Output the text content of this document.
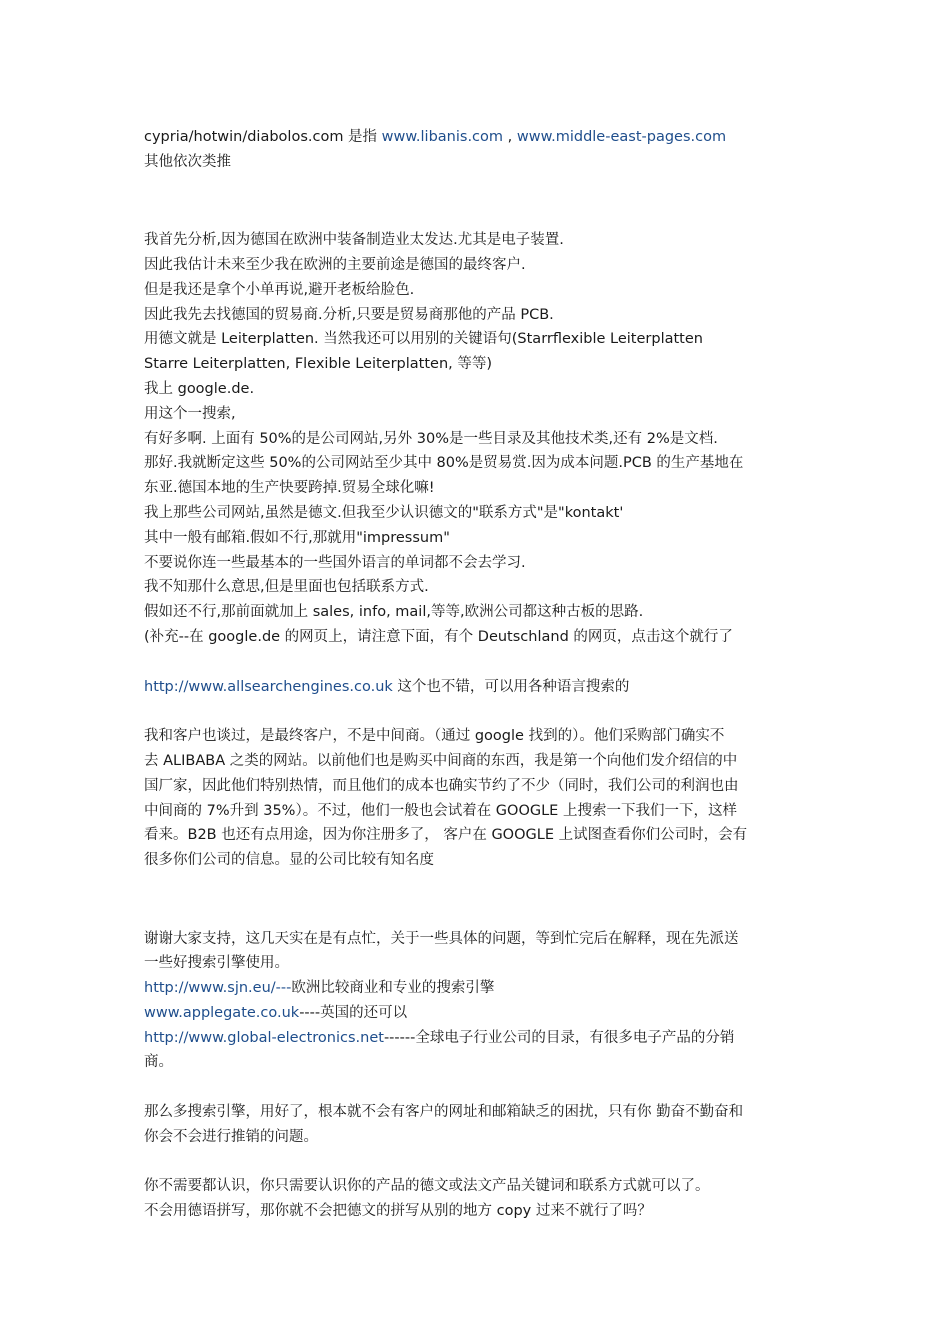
cypria/hotwin/diabolos.com 是指 www.libanis.com , www.middle-east-pages.com
其他依次类推
我首先分析,因为德国在欧洲中装备制造业太发达.尤其是电子装置.
因此我估计未来至少我在欧洲的主要前途是德国的最终客户.
但是我还是拿个小单再说,避开老板给脸色.
因此我先去找德国的贸易商.分析,只要是贸易商那他的产品 PCB.
用德文就是 Leiterplatten. 当然我还可以用别的关键语句(Starrflexible Leiterplatten
Starre Leiterplatten, Flexible Leiterplatten, 等等)
我上 google.de.
用这个一搜索,
有好多啊. 上面有 50%的是公司网站,另外 30%是一些目录及其他技术类,还有 2%是文档.
那好.我就断定这些 50%的公司网站至少其中 80%是贸易赏.因为成本问题.PCB 的生产基地在
东亚.德国本地的生产快要跨掉.贸易全球化嘛!
我上那些公司网站,虽然是德文.但我至少认识德文的"联系方式"是"kontakt'
其中一般有邮箱.假如不行,那就用"impressum"
不要说你连一些最基本的一些国外语言的单词都不会去学习.
我不知那什么意思,但是里面也包括联系方式.
假如还不行,那前面就加上 sales, info, mail,等等,欧洲公司都这种古板的思路.
(补充--在 google.de 的网页上，请注意下面，有个 Deutschland 的网页，点击这个就行了
http://www.allsearchengines.co.uk 这个也不错，可以用各种语言搜索的
我和客户也谈过，是最终客户，不是中间商。（通过 google 找到的）。他们采购部门确实不
去 ALIBABA 之类的网站。以前他们也是购买中间商的东西，我是第一个向他们发介绍信的中
国厂家，因此他们特别热情，而且他们的成本也确实节约了不少（同时，我们公司的利润也由
中间商的 7%升到 35%）。不过，他们一般也会试着在 GOOGLE 上搜索一下我们一下，这样
看来。B2B 也还有点用途，因为你注册多了， 客户在 GOOGLE 上试图查看你们公司时，会有
很多你们公司的信息。显的公司比较有知名度
谢谢大家支持，这几天实在是有点忙，关于一些具体的问题，等到忙完后在解释，现在先派送
一些好搜索引擎使用。
http://www.sjn.eu/---欧洲比较商业和专业的搜索引擎
www.applegate.co.uk----英国的还可以
http://www.global-electronics.net------全球电子行业公司的目录，有很多电子产品的分销
商。
那么多搜索引擎，用好了，根本就不会有客户的网址和邮箱缺乏的困扰，只有你 勤奋不勤奋和
你会不会进行推销的问题。
你不需要都认识，你只需要认识你的产品的德文或法文产品关键词和联系方式就可以了。
不会用德语拼写，那你就不会把德文的拼写从别的地方 copy 过来不就行了吗？
